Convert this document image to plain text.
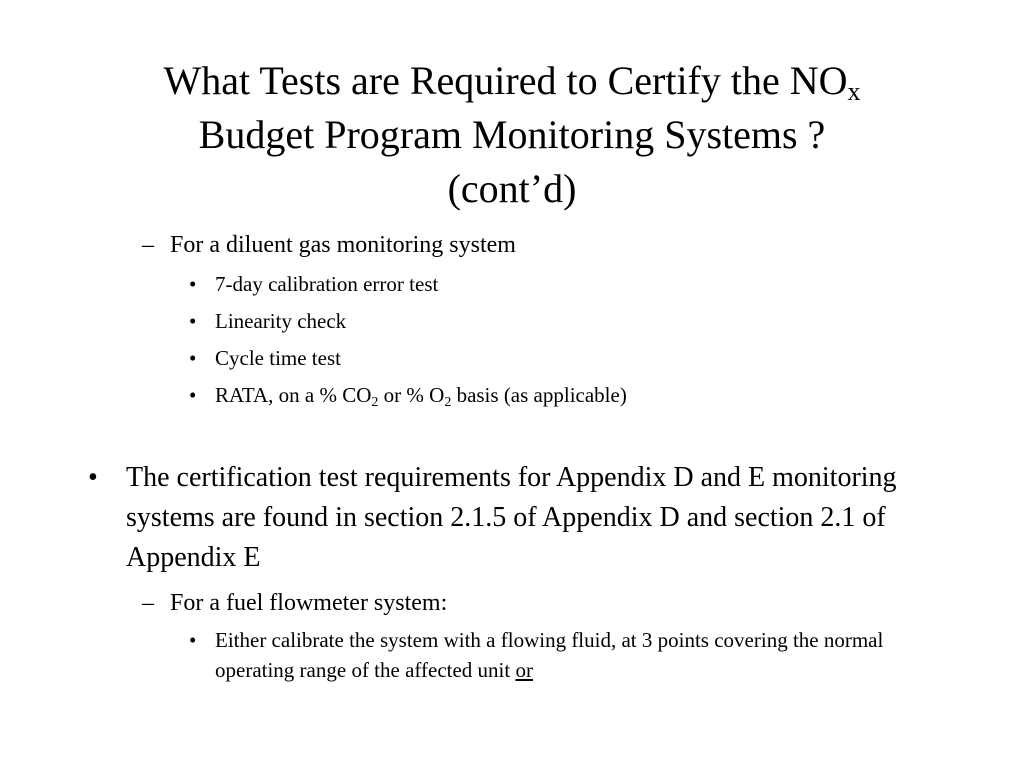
What Tests are Required to Certify the $NO_x$
Budget Program Monitoring Systems ?
(cont’d)
– For a diluent gas monitoring system
• 7-day calibration error test
• Linearity check
• Cycle time test
• RATA, on a % $CO_2$ or % $O_2$ basis (as applicable)
• The certification test requirements for Appendix D and E monitoring systems are found in section 2.1.5 of Appendix D and section 2.1 of Appendix E
– For a fuel flowmeter system:
• Either calibrate the system with a flowing fluid, at 3 points covering the normal operating range of the affected unit or
